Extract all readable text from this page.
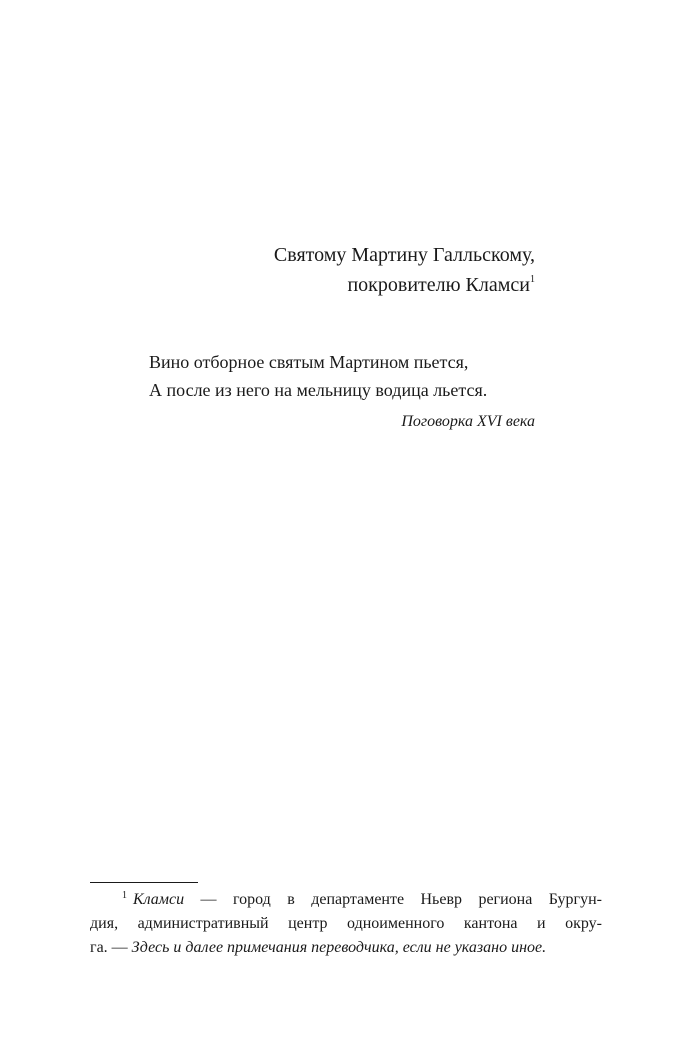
Святому Мартину Галльскому,
покровителю Кламси$^1$
Вино отборное святым Мартином пьется,
А после из него на мельницу водица льется.
Поговорка XVI века
$^1$ Кламси — город в департаменте Ньевр региона Бургун-
дия, административный центр одноименного кантона и окру-
га. — Здесь и далее примечания переводчика, если не указано иное.
